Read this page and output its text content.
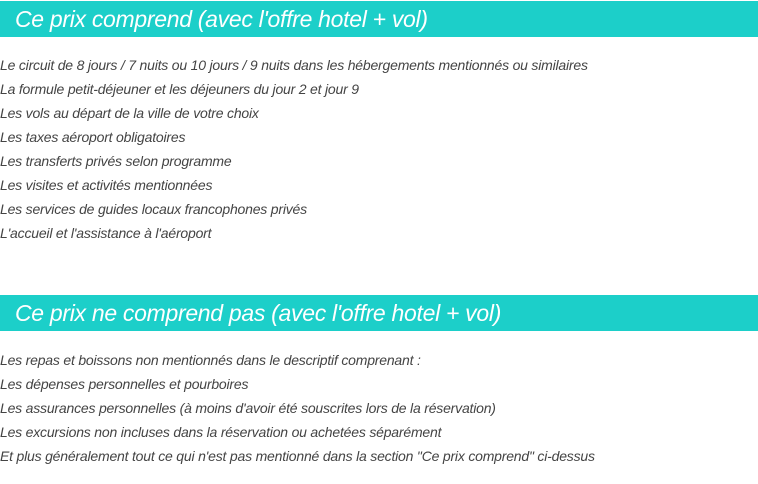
Ce prix comprend (avec l'offre hotel + vol)
Le circuit de 8 jours / 7 nuits ou 10 jours / 9 nuits dans les hébergements mentionnés ou similaires
La formule petit-déjeuner et les déjeuners du jour 2 et jour 9
Les vols au départ de la ville de votre choix
Les taxes aéroport obligatoires
Les transferts privés selon programme
Les visites et activités mentionnées
Les services de guides locaux francophones privés
L'accueil et l'assistance à l'aéroport
Ce prix ne comprend pas (avec l'offre hotel + vol)
Les repas et boissons non mentionnés dans le descriptif comprenant :
Les dépenses personnelles et pourboires
Les assurances personnelles (à moins d'avoir été souscrites lors de la réservation)
Les excursions non incluses dans la réservation ou achetées séparément
Et plus généralement tout ce qui n'est pas mentionné dans la section "Ce prix comprend" ci-dessus
